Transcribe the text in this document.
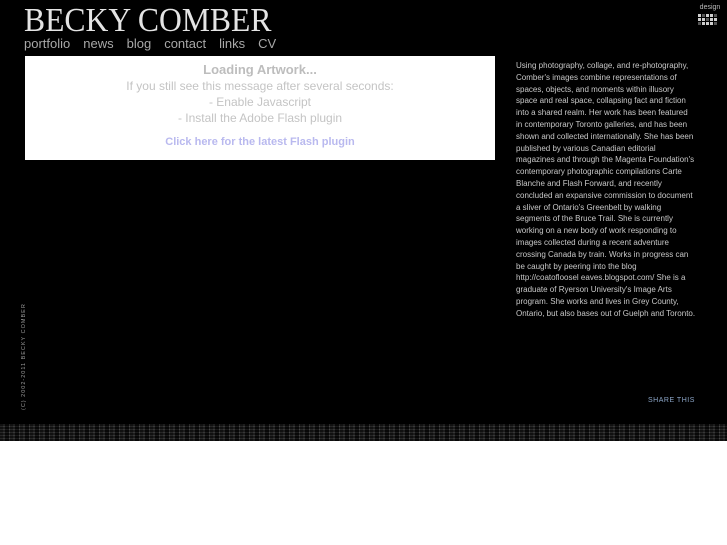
BECKY COMBER
portfolio news blog contact links CV
design
Loading Artwork...
If you still see this message after several seconds:
- Enable Javascript
- Install the Adobe Flash plugin
Click here for the latest Flash plugin
Using photography, collage, and re-photography, Comber's images combine representations of spaces, objects, and moments within illusory space and real space, collapsing fact and fiction into a shared realm. Her work has been featured in contemporary Toronto galleries, and has been shown and collected internationally. She has been published by various Canadian editorial magazines and through the Magenta Foundation's contemporary photographic compilations Carte Blanche and Flash Forward, and recently concluded an expansive commission to document a sliver of Ontario's Greenbelt by walking segments of the Bruce Trail. She is currently working on a new body of work responding to images collected during a recent adventure crossing Canada by train. Works in progress can be caught by peering into the blog http://coatofloosel eaves.blogspot.com/ She is a graduate of Ryerson University's Image Arts program. She works and lives in Grey County, Ontario, but also bases out of Guelph and Toronto.
SHARE THIS
(C) 2002-2011 BECKY COMBER
